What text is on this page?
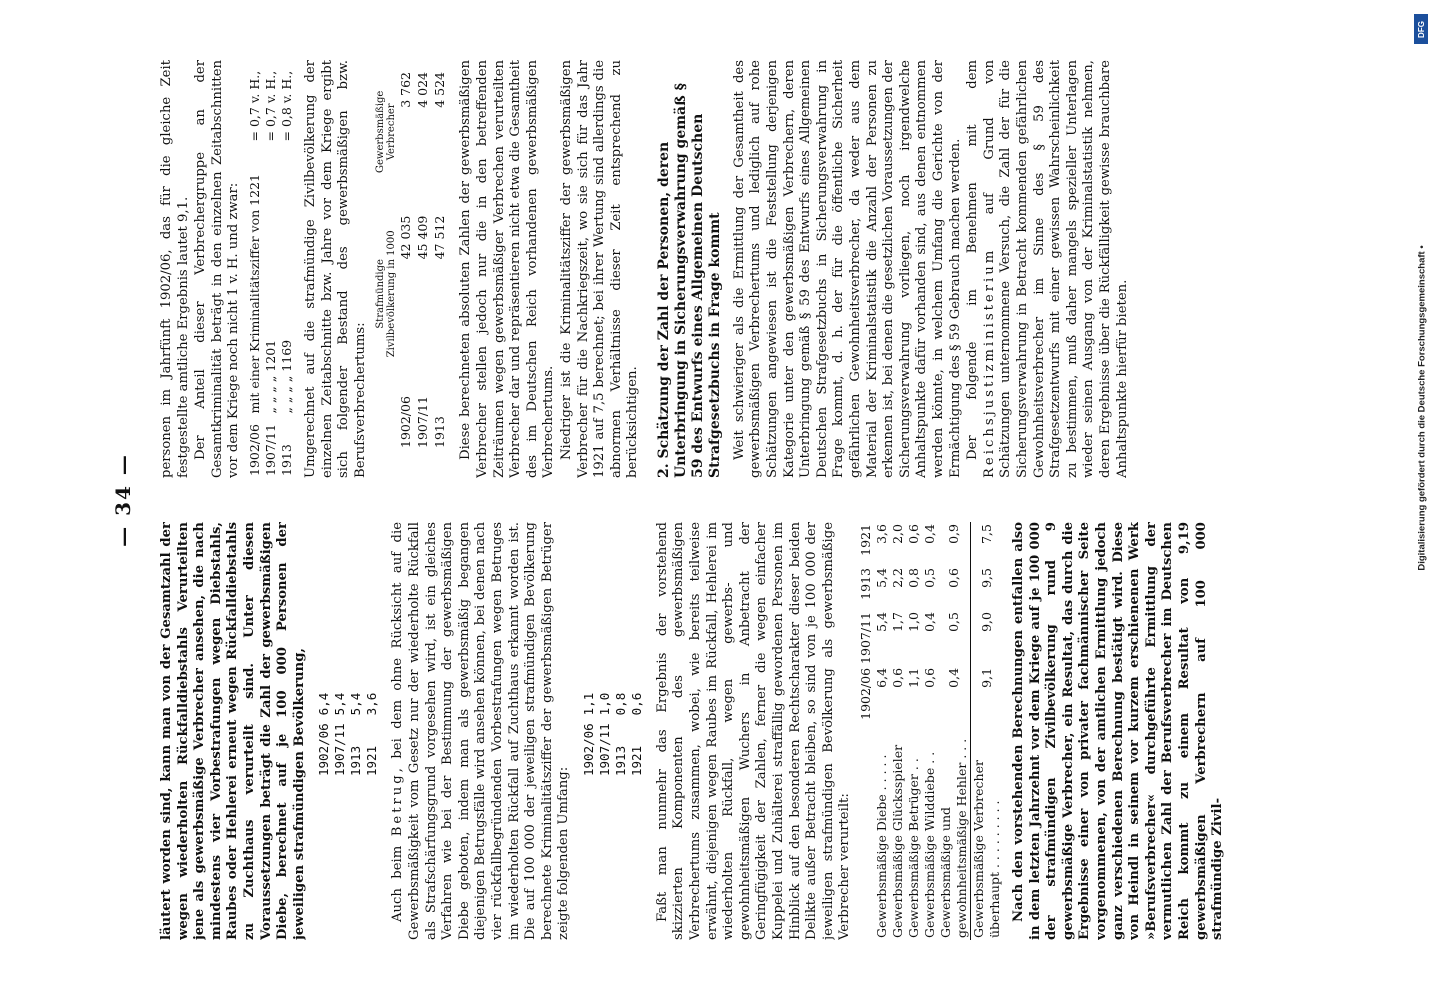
— 34 —

läutert worden sind, kann man von der Gesamtzahl der wegen wiederholten Rückfalldiebstahls Verurteilten jene als gewerbsmäßige Verbrecher ansehen, die nach mindestens vier Vorbestrafungen wegen Diebstahls, Raubes oder Hehlerei erneut wegen Rückfalldiebstahls zu Zuchthaus verurteilt sind. Unter diesen Voraussetzungen beträgt die Zahl der gewerbsmäßigen Diebe, berechnet auf je 100 000 Personen der jeweiligen strafmündigen Bevölkerung, 1902/06	6,4
1907/11	5,4
1913	5,4
1921	3,6

Auch beim Betrug, bei dem ohne Rücksicht auf die Gewerbsmäßigkeit vom Gesetz nur der wiederholte Rückfall als Strafschärfungsgrund vorgesehen wird, ist ein gleiches Verfahren wie bei der Bestimmung der gewerbsmäßigen Diebe geboten, indem man als gewerbsmäßig begangen diejenigen Betrugsfälle wird ansehen können, bei denen nach vier rückfallbegründenden Vorbestrafungen wegen Betruges im wiederholten Rückfall auf Zuchthaus erkannt worden ist. Die auf 100 000 der jeweiligen strafmündigen Bevölkerung berechnete Kriminalitätsziffer der gewerbsmäßigen Betrüger zeigte folgenden Umfang:

1902/06	1,1
1907/11	1,0
1913	0,8
1921	0,6 Faßt man nunmehr das Ergebnis der vorstehend skizzierten Komponenten des gewerbsmäßigen Verbrechertums zusammen, wobei, wie bereits teilweise erwähnt, diejenigen wegen Raubes im Rückfall, Hehlerei im wiederholten Rückfall, wegen gewerbs- und gewohnheitsmäßigen Wuchers in Anbetracht der Geringfügigkeit der Zahlen, ferner die wegen einfacher Kuppelei und Zuhälterei straffällig gewordenen Personen im Hinblick auf den besonderen Rechtscharakter dieser beiden Delikte außer Betracht bleiben, so sind von je 100 000 der jeweiligen strafmündigen Bevölkerung als gewerbsmäßige Verbrecher verurteilt:

	1902/06	1907/11	1913	1921
Gewerbsmäßige Diebe . . . . .	6,4	5,4	5,4	3,6
Gewerbsmäßige Glücksspieler	0,6	1,7	2,2	2,0
Gewerbsmäßige Betrüger . .	1,1	1,0	0,8	0,6
Gewerbsmäßige Wilddiebe . .	0,6	0,4	0,5	0,4
Gewerbsmäßige und gewohnheitsmäßige Hehler . . .	0,4	0,5	0,6	0,9
Gewerbsmäßige Verbrecher überhaupt . . . . . . . . .	9,1	9,0	9,5	7,5 Nach den vorstehenden Berechnungen entfallen also in dem letzten Jahrzehnt vor dem Kriege auf je 100 000 der strafmündigen Zivilbevölkerung rund 9 gewerbsmäßige Verbrecher, ein Resultat, das durch die Ergebnisse einer von privater fachmännischer Seite vorgenommenen, von der amtlichen Ermittlung jedoch ganz verschiedenen Berechnung bestätigt wird. Diese von Heindl in seinem vor kurzem erschienenen Werk »Berufsverbrecher« durchgeführte Ermittlung der vermutlichen Zahl der Berufsverbrecher im Deutschen Reich kommt zu einem Resultat von 9,19 gewerbsmäßigen Verbrechern auf 100 000 strafmündige Zivil-

personen im Jahrfünft 1902/06, das für die gleiche Zeit festgestellte amtliche Ergebnis lautet 9,1. Der Anteil dieser Verbrechergruppe an der Gesamtkriminalität beträgt in den einzelnen Zeitabschnitten vor dem Kriege noch nicht 1 v. H. und zwar: 1902/06	mit einer Kriminalitätsziffer von 1221	= 0,7 v. H.,
1907/11	„ „ „ „ 1201	= 0,7 v. H.,
1913	„ „ „ „ 1169	= 0,8 v. H., Umgerechnet auf die strafmündige Zivilbevölkerung der einzelnen Zeitabschnitte bzw. Jahre vor dem Kriege ergibt sich folgender Bestand des gewerbsmäßigen bzw. Berufsverbrechertums:

	Strafmündige Zivilbevölkerung in 1000	Gewerbsmäßige Verbrecher
1902/06	42 035	3 762
1907/11	45 409	4 024
1913	47 512	4 524 Diese berechneten absoluten Zahlen der gewerbsmäßigen Verbrecher stellen jedoch nur die in den betreffenden Zeiträumen wegen gewerbsmäßiger Verbrechen verurteilten Verbrecher dar und repräsentieren nicht etwa die Gesamtheit des im Deutschen Reich vorhandenen gewerbsmäßigen Verbrechertums. Niedriger ist die Kriminalitätsziffer der gewerbsmäßigen Verbrecher für die Nachkriegszeit, wo sie sich für das Jahr 1921 auf 7,5 berechnet; bei ihrer Wertung sind allerdings die abnormen Verhältnisse dieser Zeit entsprechend zu berücksichtigen. 2. Schätzung der Zahl der Personen, deren Unterbringung in Sicherungsverwahrung gemäß § 59 des Entwurfs eines Allgemeinen Deutschen Strafgesetzbuchs in Frage kommt Weit schwieriger als die Ermittlung der Gesamtheit des gewerbsmäßigen Verbrechertums und lediglich auf rohe Schätzungen angewiesen ist die Feststellung derjenigen Kategorie unter den gewerbsmäßigen Verbrechern, deren Unterbringung gemäß § 59 des Entwurfs eines Allgemeinen Deutschen Strafgesetzbuchs in Sicherungsverwahrung in Frage kommt, d. h. der für die öffentliche Sicherheit gefährlichen Gewohnheitsverbrecher, da weder aus dem Material der Kriminalstatistik die Anzahl der Personen zu erkennen ist, bei denen die gesetzlichen Voraussetzungen der Sicherungsverwahrung vorliegen, noch irgendwelche Anhaltspunkte dafür vorhanden sind, aus denen entnommen werden könnte, in welchem Umfang die Gerichte von der Ermächtigung des § 59 Gebrauch machen werden. Der folgende im Benehmen mit dem Reichsjustizministerium auf Grund von Schätzungen unternommene Versuch, die Zahl der für die Sicherungsverwahrung in Betracht kommenden gefährlichen Gewohnheitsverbrecher im Sinne des § 59 des Strafgesetzentwurfs mit einer gewissen Wahrscheinlichkeit zu bestimmen, muß daher mangels spezieller Unterlagen wieder seinen Ausgang von der Kriminalstatistik nehmen, deren Ergebnisse über die Rückfälligkeit gewisse brauchbare Anhaltspunkte hierfür bieten.

DFG
Digitalisierung gefördert durch die Deutsche Forschungsgemeinschaft •
